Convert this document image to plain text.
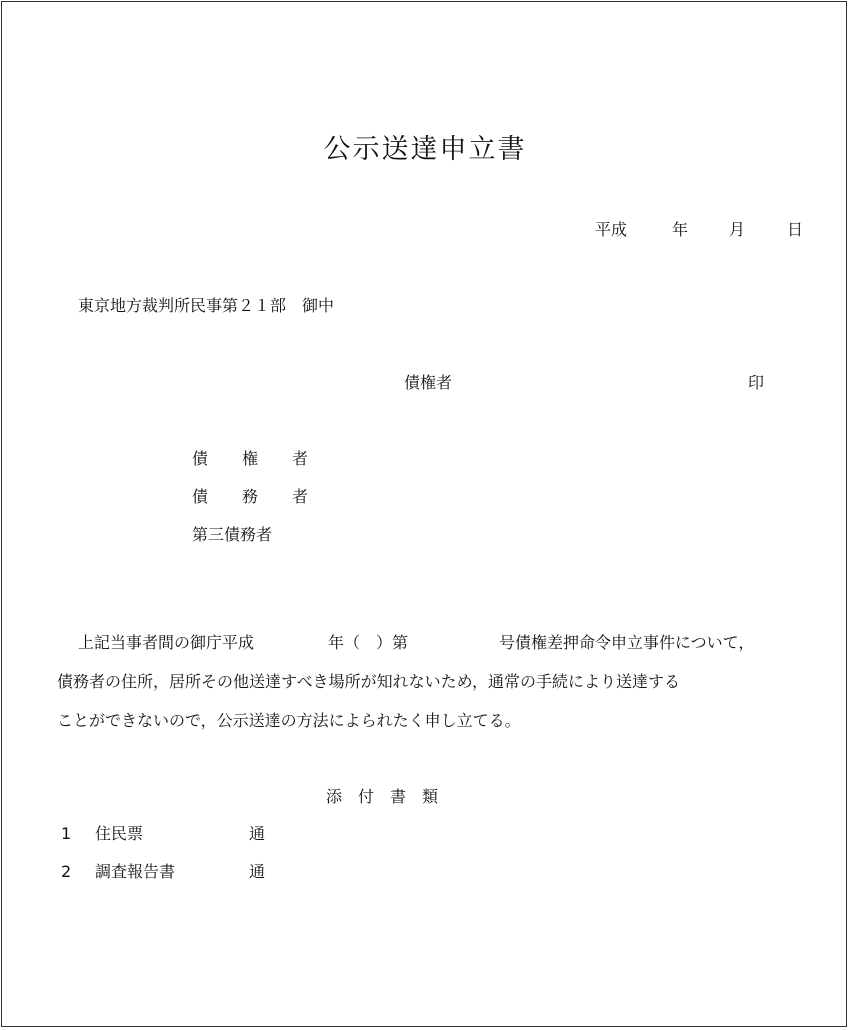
公示送達申立書
平成	年	月	日
東京地方裁判所民事第２１部　御中
債権者	印
債　権　者
債　務　者
第三債務者
上記当事者間の御庁平成	年（　）第	号債権差押命令申立事件について，
債務者の住所，居所その他送達すべき場所が知れないため，通常の手続により送達する
ことができないので，公示送達の方法によられたく申し立てる。
添付書類
1 住民票	通
2 調査報告書	通
